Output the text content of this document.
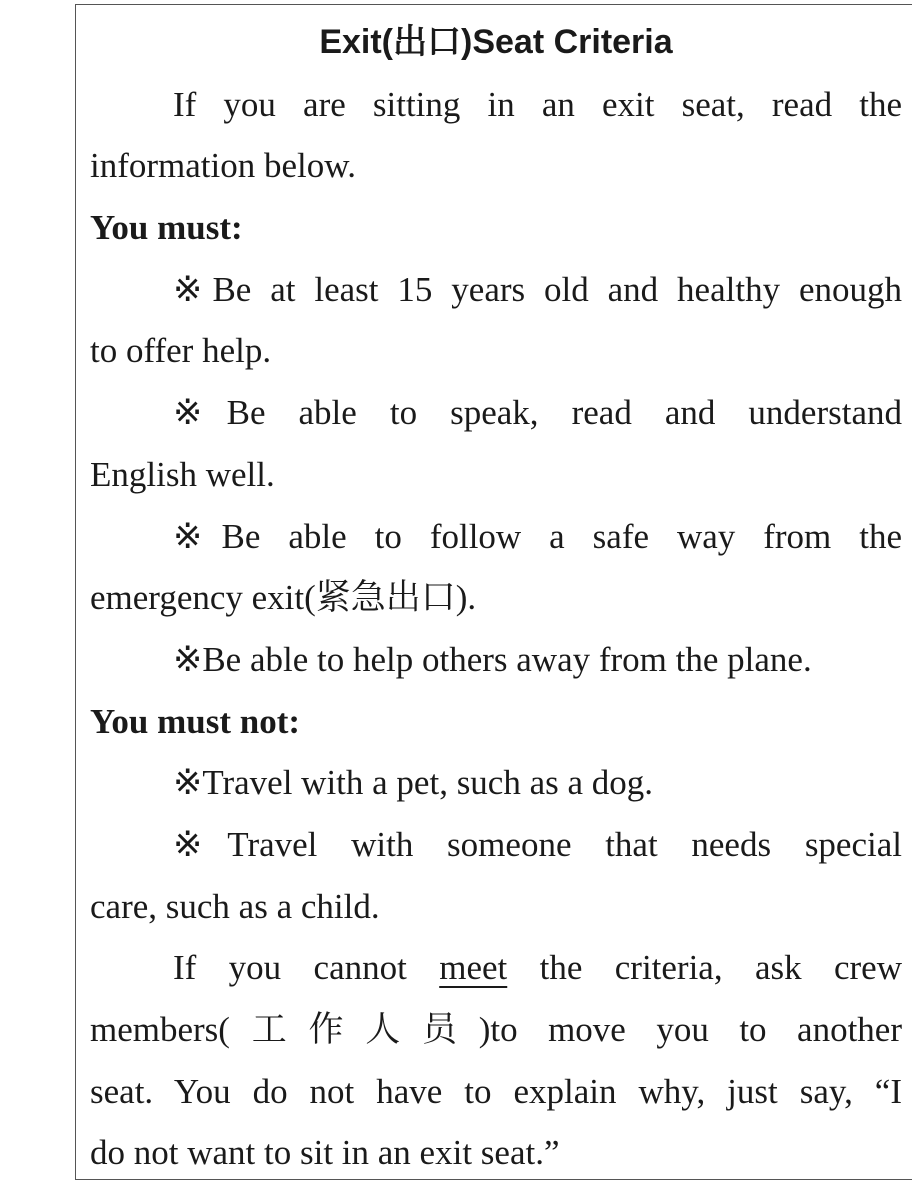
Exit(出口)Seat Criteria
If you are sitting in an exit seat, read the
information below.
You must:
※Be at least 15 years old and healthy enough
to offer help.
※Be able to speak, read and understand
English well.
※Be able to follow a safe way from the
emergency exit(紧急出口).
※Be able to help others away from the plane.
You must not:
※Travel with a pet, such as a dog.
※Travel with someone that needs special
care, such as a child.
If you cannot meet the criteria, ask crew
members(工作人员)to move you to another
seat. You do not have to explain why, just say, “I
do not want to sit in an exit seat.”
